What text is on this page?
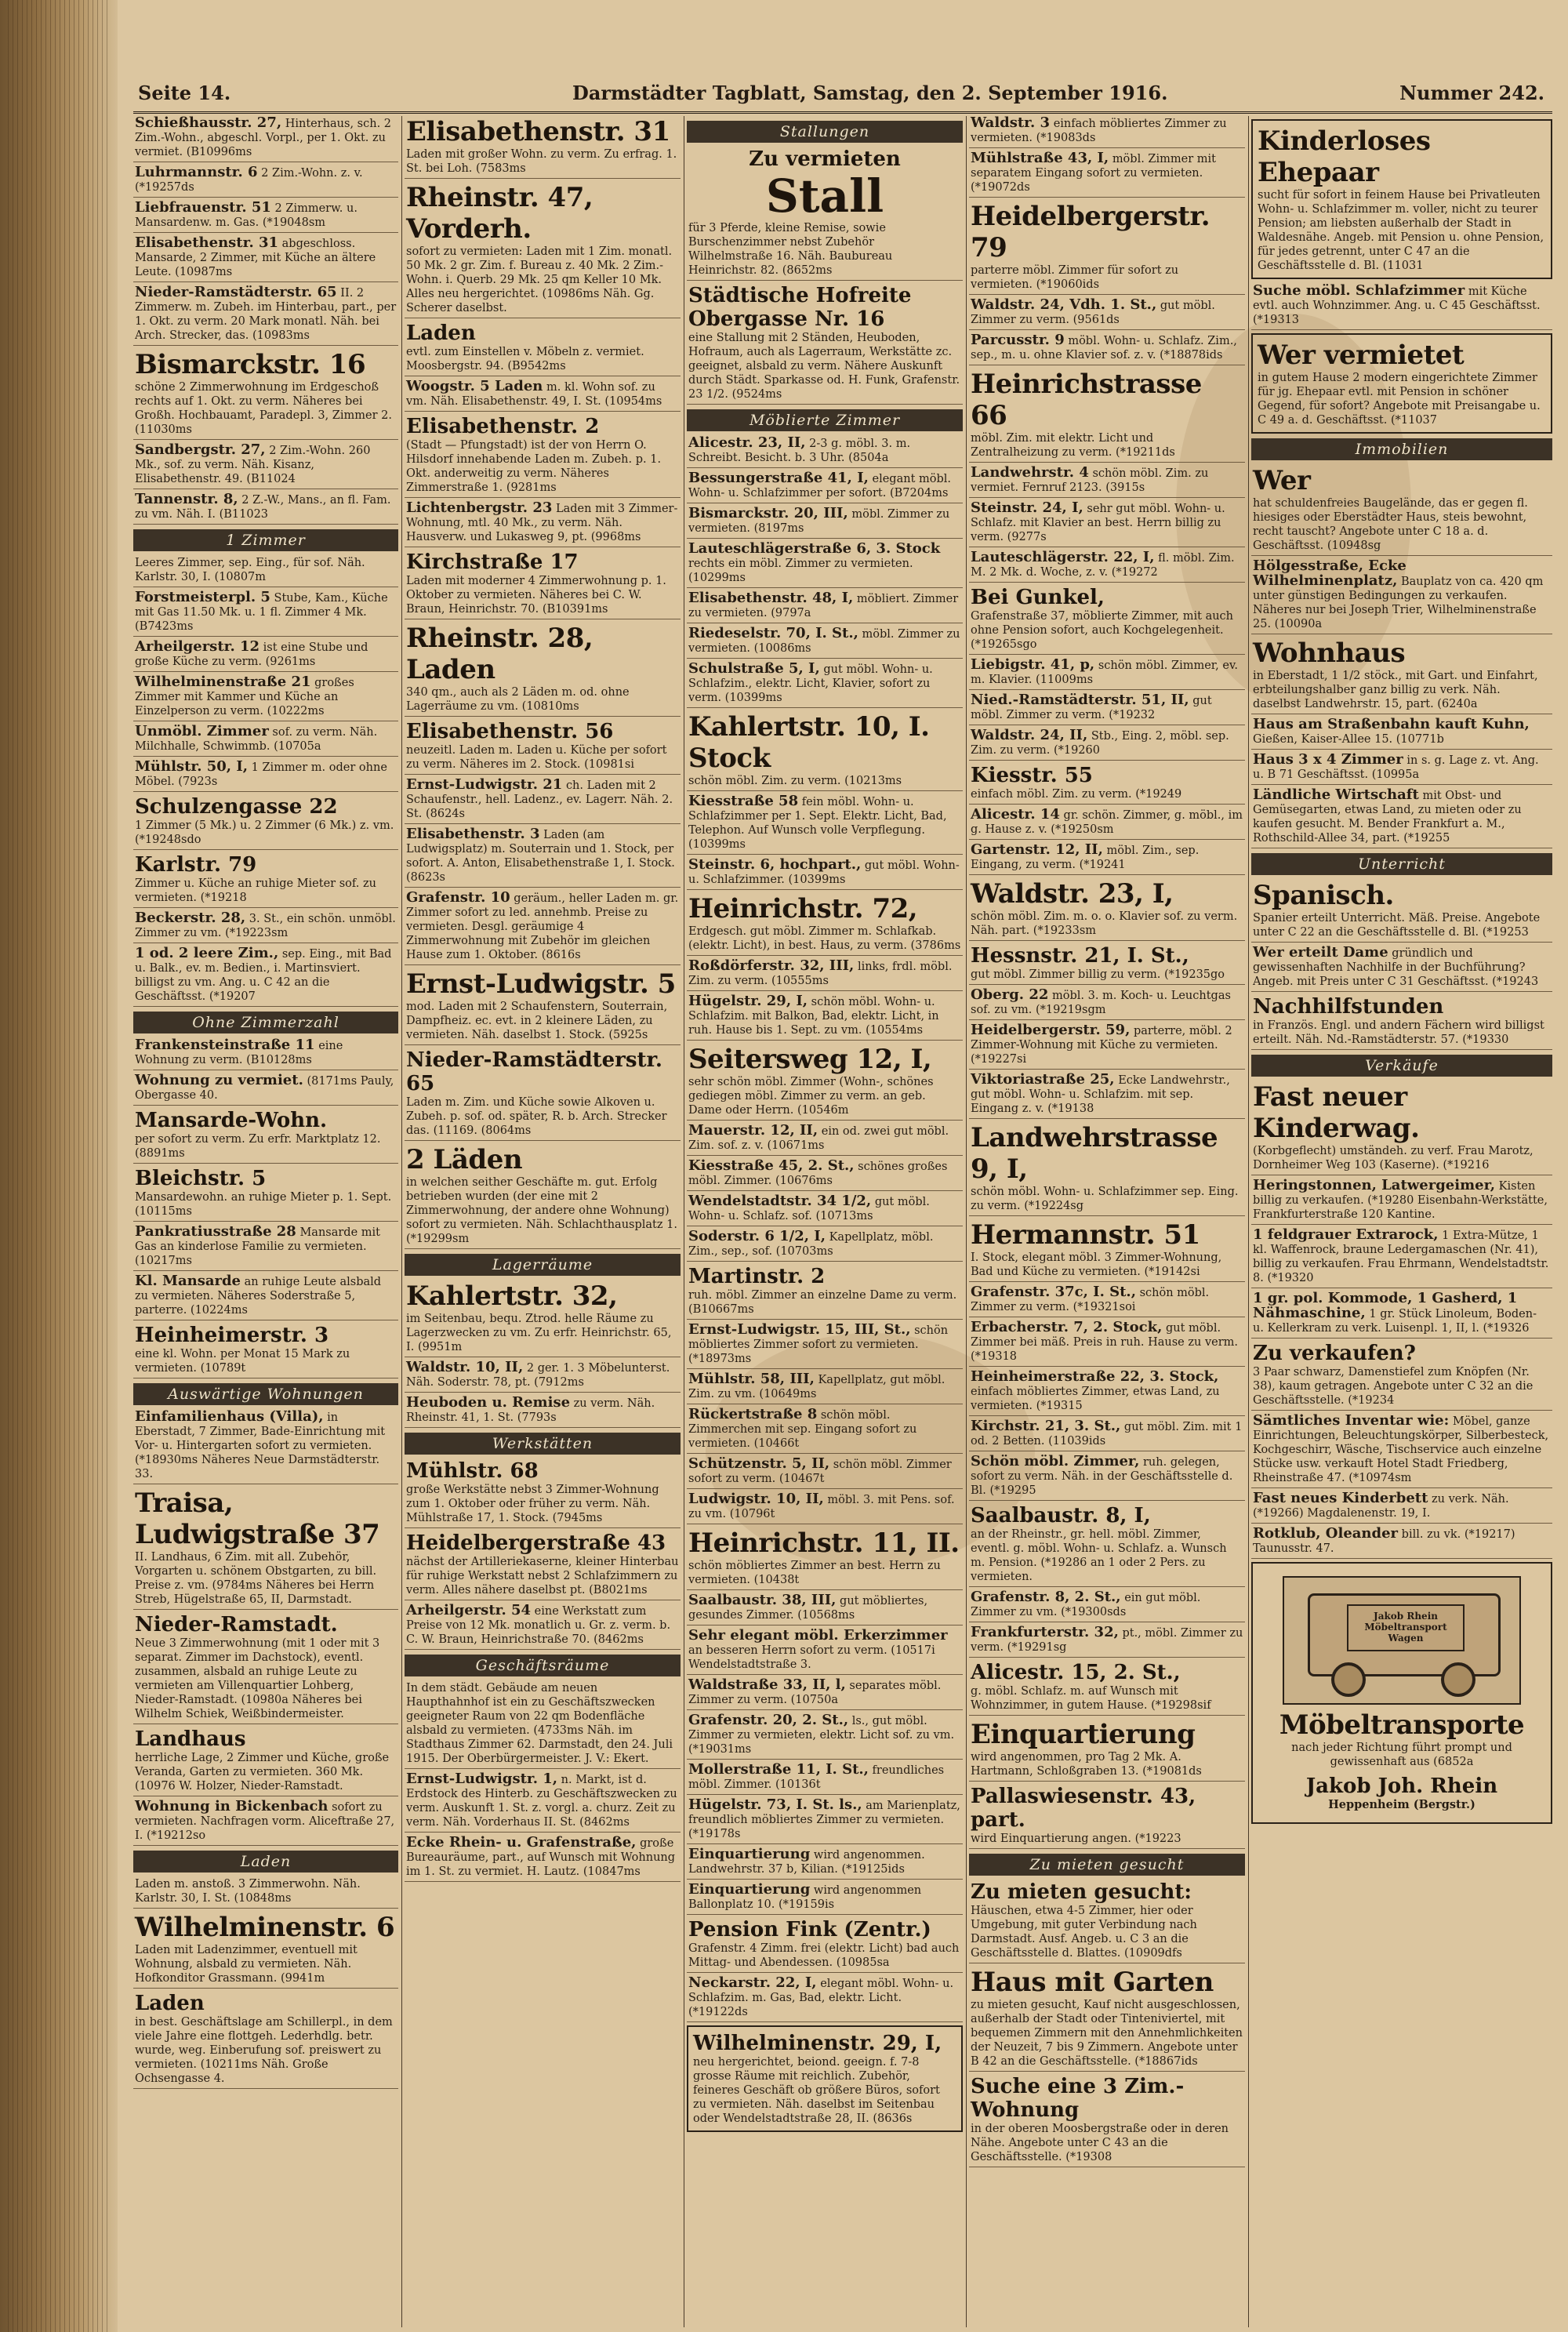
Seite 14.	Darmstädter Tagblatt, Samstag, den 2. September 1916.	Nummer 242.
Schießhausstr. 27, Hinterhaus, sch. 2 Zim.-Wohn., abgeschl. Vorpl., per 1. Okt. zu vermiet. (B10996ms
Luhrmannstr. 6 2 Zim.-Wohn. z. v. (*19257ds
Liebfrauenstr. 51 2 Zimmerw. u. Mansardenw. m. Gas. (*19048sm
Elisabethenstr. 31 abgeschloss. Mansarde, 2 Zimmer, mit Küche an ältere Leute. (10987ms
Nieder-Ramstädterstr. 65 II. 2 Zimmerw. m. Zubeh. im Hinterbau, part., per 1. Okt. zu verm. 20 Mark monatl. Näh. bei Arch. Strecker, das. (10983ms
Bismarckstr. 16
schöne 2 Zimmerwohnung im Erdgeschoß rechts auf 1. Okt. zu verm. Näheres bei Großh. Hochbauamt, Paradepl. 3, Zimmer 2. (11030ms
Sandbergstr. 27, 2 Zim.-Wohn. 260 Mk., sof. zu verm. Näh. Kisanz, Elisabethenstr. 49. (B11024
Tannenstr. 8, 2 Z.-W., Mans., an fl. Fam. zu vm. Näh. I. (B11023
1 Zimmer
Leeres Zimmer, sep. Eing., für sof. Näh. Karlstr. 30, I. (10807m
Forstmeisterpl. 5 Stube, Kam., Küche mit Gas 11.50 Mk. u. 1 fl. Zimmer 4 Mk. (B7423ms
Arheilgerstr. 12 ist eine Stube und große Küche zu verm. (9261ms
Wilhelminenstraße 21 großes Zimmer mit Kammer und Küche an Einzelperson zu verm. (10222ms
Unmöbl. Zimmer sof. zu verm. Näh. Milchhalle, Schwimmb. (10705a
Mühlstr. 50, I, 1 Zimmer m. oder ohne Möbel. (7923s
Schulzengasse 22
1 Zimmer (5 Mk.) u. 2 Zimmer (6 Mk.) z. vm. (*19248sdo
Karlstr. 79
Zimmer u. Küche an ruhige Mieter sof. zu vermieten. (*19218
Beckerstr. 28, 3. St., ein schön. unmöbl. Zimmer zu vm. (*19223sm
1 od. 2 leere Zim., sep. Eing., mit Bad u. Balk., ev. m. Bedien., i. Martinsviert. billigst zu vm. Ang. u. C 42 an die Geschäftsst. (*19207
Ohne Zimmerzahl
Frankensteinstraße 11 eine Wohnung zu verm. (B10128ms
Wohnung zu vermiet. (8171ms Pauly, Obergasse 40.
Mansarde-Wohn.
per sofort zu verm. Zu erfr. Marktplatz 12. (8891ms
Bleichstr. 5
Mansardewohn. an ruhige Mieter p. 1. Sept. (10115ms
Pankratiusstraße 28 Mansarde mit Gas an kinderlose Familie zu vermieten. (10217ms
Kl. Mansarde an ruhige Leute alsbald zu vermieten. Näheres Soderstraße 5, parterre. (10224ms
Heinheimerstr. 3
eine kl. Wohn. per Monat 15 Mark zu vermieten. (10789t
Auswärtige Wohnungen
Einfamilienhaus (Villa), in Eberstadt, 7 Zimmer, Bade-Einrichtung mit Vor- u. Hintergarten sofort zu vermieten. (*18930ms Näheres Neue Darmstädterstr. 33.
Traisa, Ludwigstraße 37
II. Landhaus, 6 Zim. mit all. Zubehör, Vorgarten u. schönem Obstgarten, zu bill. Preise z. vm. (9784ms Näheres bei Herrn Streb, Hügelstraße 65, II, Darmstadt.
Nieder-Ramstadt.
Neue 3 Zimmerwohnung (mit 1 oder mit 3 separat. Zimmer im Dachstock), eventl. zusammen, alsbald an ruhige Leute zu vermieten am Villenquartier Lohberg, Nieder-Ramstadt. (10980a Näheres bei Wilhelm Schiek, Weißbindermeister.
Landhaus
herrliche Lage, 2 Zimmer und Küche, große Veranda, Garten zu vermieten. 360 Mk. (10976 W. Holzer, Nieder-Ramstadt.
Wohnung in Bickenbach sofort zu vermieten. Nachfragen vorm. Aliceftraße 27, I. (*19212so
Laden
Laden m. anstoß. 3 Zimmerwohn. Näh. Karlstr. 30, I. St. (10848ms
Wilhelminenstr. 6
Laden mit Ladenzimmer, eventuell mit Wohnung, alsbald zu vermieten. Näh. Hofkonditor Grassmann. (9941m
Laden
in best. Geschäftslage am Schillerpl., in dem viele Jahre eine flottgeh. Lederhdlg. betr. wurde, weg. Einberufung sof. preiswert zu vermieten. (10211ms Näh. Große Ochsengasse 4.
Elisabethenstr. 31
Laden mit großer Wohn. zu verm. Zu erfrag. 1. St. bei Loh. (7583ms
Rheinstr. 47, Vorderh.
sofort zu vermieten: Laden mit 1 Zim. monatl. 50 Mk. 2 gr. Zim. f. Bureau z. 40 Mk. 2 Zim.-Wohn. i. Querb. 29 Mk. 25 qm Keller 10 Mk. Alles neu hergerichtet. (10986ms Näh. Gg. Scherer daselbst.
Laden
evtl. zum Einstellen v. Möbeln z. vermiet. Moosbergstr. 94. (B9542ms
Woogstr. 5 Laden m. kl. Wohn sof. zu vm. Näh. Elisabethenstr. 49, I. St. (10954ms
Elisabethenstr. 2
(Stadt — Pfungstadt) ist der von Herrn O. Hilsdorf innehabende Laden m. Zubeh. p. 1. Okt. anderweitig zu verm. Näheres Zimmerstraße 1. (9281ms
Lichtenbergstr. 23 Laden mit 3 Zimmer-Wohnung, mtl. 40 Mk., zu verm. Näh. Hausverw. und Lukasweg 9, pt. (9968ms
Kirchstraße 17
Laden mit moderner 4 Zimmerwohnung p. 1. Oktober zu vermieten. Näheres bei C. W. Braun, Heinrichstr. 70. (B10391ms
Rheinstr. 28, Laden
340 qm., auch als 2 Läden m. od. ohne Lagerräume zu vm. (10810ms
Elisabethenstr. 56
neuzeitl. Laden m. Laden u. Küche per sofort zu verm. Näheres im 2. Stock. (10981si
Ernst-Ludwigstr. 21 ch. Laden mit 2 Schaufenstr., hell. Ladenz., ev. Lagerr. Näh. 2. St. (8624s
Elisabethenstr. 3 Laden (am Ludwigsplatz) m. Souterrain und 1. Stock, per sofort. A. Anton, Elisabethenstraße 1, I. Stock. (8623s
Grafenstr. 10 geräum., heller Laden m. gr. Zimmer sofort zu led. annehmb. Preise zu vermieten. Desgl. geräumige 4 Zimmerwohnung mit Zubehör im gleichen Hause zum 1. Oktober. (8616s
Ernst-Ludwigstr. 5
mod. Laden mit 2 Schaufenstern, Souterrain, Dampfheiz. ec. evt. in 2 kleinere Läden, zu vermieten. Näh. daselbst 1. Stock. (5925s
Nieder-Ramstädterstr. 65
Laden m. Zim. und Küche sowie Alkoven u. Zubeh. p. sof. od. später, R. b. Arch. Strecker das. (11169. (8064ms
2 Läden
in welchen seither Geschäfte m. gut. Erfolg betrieben wurden (der eine mit 2 Zimmerwohnung, der andere ohne Wohnung) sofort zu vermieten. Näh. Schlachthausplatz 1. (*19299sm
Lagerräume
Kahlertstr. 32,
im Seitenbau, bequ. Ztrod. helle Räume zu Lagerzwecken zu vm. Zu erfr. Heinrichstr. 65, I. (9951m
Waldstr. 10, II, 2 ger. 1. 3 Möbelunterst. Näh. Soderstr. 78, pt. (7912ms
Heuboden u. Remise zu verm. Näh. Rheinstr. 41, 1. St. (7793s
Werkstätten
Mühlstr. 68
große Werkstätte nebst 3 Zimmer-Wohnung zum 1. Oktober oder früher zu verm. Näh. Mühlstraße 17, 1. Stock. (7945ms
Heidelbergerstraße 43
nächst der Artilleriekaserne, kleiner Hinterbau für ruhige Werkstatt nebst 2 Schlafzimmern zu verm. Alles nähere daselbst pt. (B8021ms
Arheilgerstr. 54 eine Werkstatt zum Preise von 12 Mk. monatlich u. Gr. z. verm. b. C. W. Braun, Heinrichstraße 70. (8462ms
Geschäftsräume
In dem städt. Gebäude am neuen Haupthahnhof ist ein zu Geschäftszwecken geeigneter Raum von 22 qm Bodenfläche alsbald zu vermieten. (4733ms Näh. im Stadthaus Zimmer 62. Darmstadt, den 24. Juli 1915. Der Oberbürgermeister. J. V.: Ekert.
Ernst-Ludwigstr. 1, n. Markt, ist d. Erdstock des Hinterb. zu Geschäftszwecken zu verm. Auskunft 1. St. z. vorgl. a. churz. Zeit zu verm. Näh. Vorderhaus II. St. (8462ms
Ecke Rhein- u. Grafenstraße, große Bureauräume, part., auf Wunsch mit Wohnung im 1. St. zu vermiet. H. Lautz. (10847ms
Stallungen
Zu vermieten
Stall
für 3 Pferde, kleine Remise, sowie Burschenzimmer nebst Zubehör Wilhelmstraße 16. Näh. Baubureau Heinrichstr. 82. (8652ms
Städtische Hofreite Obergasse Nr. 16
eine Stallung mit 2 Ständen, Heuboden, Hofraum, auch als Lagerraum, Werkstätte zc. geeignet, alsbald zu verm. Nähere Auskunft durch Städt. Sparkasse od. H. Funk, Grafenstr. 23 1/2. (9524ms
Möblierte Zimmer
Alicestr. 23, II, 2-3 g. möbl. 3. m. Schreibt. Besicht. b. 3 Uhr. (8504a
Bessungerstraße 41, I, elegant möbl. Wohn- u. Schlafzimmer per sofort. (B7204ms
Bismarckstr. 20, III, möbl. Zimmer zu vermieten. (8197ms
Lauteschlägerstraße 6, 3. Stock rechts ein möbl. Zimmer zu vermieten. (10299ms
Elisabethenstr. 48, I, möbliert. Zimmer zu vermieten. (9797a
Riedeselstr. 70, I. St., möbl. Zimmer zu vermieten. (10086ms
Schulstraße 5, I, gut möbl. Wohn- u. Schlafzim., elektr. Licht, Klavier, sofort zu verm. (10399ms
Kahlertstr. 10, I. Stock
schön möbl. Zim. zu verm. (10213ms
Kiesstraße 58 fein möbl. Wohn- u. Schlafzimmer per 1. Sept. Elektr. Licht, Bad, Telephon. Auf Wunsch volle Verpflegung. (10399ms
Steinstr. 6, hochpart., gut möbl. Wohn- u. Schlafzimmer. (10399ms
Heinrichstr. 72,
Erdgesch. gut möbl. Zimmer m. Schlafkab. (elektr. Licht), in best. Haus, zu verm. (3786ms
Roßdörferstr. 32, III, links, frdl. möbl. Zim. zu verm. (10555ms
Hügelstr. 29, I, schön möbl. Wohn- u. Schlafzim. mit Balkon, Bad, elektr. Licht, in ruh. Hause bis 1. Sept. zu vm. (10554ms
Seitersweg 12, I,
sehr schön möbl. Zimmer (Wohn-, schönes gediegen möbl. Zimmer zu verm. an geb. Dame oder Herrn. (10546m
Mauerstr. 12, II, ein od. zwei gut möbl. Zim. sof. z. v. (10671ms
Kiesstraße 45, 2. St., schönes großes möbl. Zimmer. (10676ms
Wendelstadtstr. 34 1/2, gut möbl. Wohn- u. Schlafz. sof. (10713ms
Soderstr. 6 1/2, I, Kapellplatz, möbl. Zim., sep., sof. (10703ms
Martinstr. 2
ruh. möbl. Zimmer an einzelne Dame zu verm. (B10667ms
Ernst-Ludwigstr. 15, III, St., schön möbliertes Zimmer sofort zu vermieten. (*18973ms
Mühlstr. 58, III, Kapellplatz, gut möbl. Zim. zu vm. (10649ms
Rückertstraße 8 schön möbl. Zimmerchen mit sep. Eingang sofort zu vermieten. (10466t
Schützenstr. 5, II, schön möbl. Zimmer sofort zu verm. (10467t
Ludwigstr. 10, II, möbl. 3. mit Pens. sof. zu vm. (10796t
Heinrichstr. 11, II.
schön möbliertes Zimmer an best. Herrn zu vermieten. (10438t
Saalbaustr. 38, III, gut möbliertes, gesundes Zimmer. (10568ms
Sehr elegant möbl. Erkerzimmer an besseren Herrn sofort zu verm. (10517i Wendelstadtstraße 3.
Waldstraße 33, II, l, separates möbl. Zimmer zu verm. (10750a
Grafenstr. 20, 2. St., ls., gut möbl. Zimmer zu vermieten, elektr. Licht sof. zu vm. (*19031ms
Mollerstraße 11, I. St., freundliches möbl. Zimmer. (10136t
Hügelstr. 73, I. St. ls., am Marienplatz, freundlich möbliertes Zimmer zu vermieten. (*19178s
Einquartierung wird angenommen. Landwehrstr. 37 b, Kilian. (*19125ids
Einquartierung wird angenommen Ballonplatz 10. (*19159is
Pension Fink (Zentr.)
Grafenstr. 4 Zimm. frei (elektr. Licht) bad auch Mittag- und Abendessen. (10985sa
Neckarstr. 22, I, elegant möbl. Wohn- u. Schlafzim. m. Gas, Bad, elektr. Licht. (*19122ds
Wilhelminenstr. 29, I,
neu hergerichtet, beiond. geeign. f. 7-8 grosse Räume mit reichlich. Zubehör, feineres Geschäft ob größere Büros, sofort zu vermieten. Näh. daselbst im Seitenbau oder Wendelstadtstraße 28, II. (8636s
Waldstr. 3 einfach möbliertes Zimmer zu vermieten. (*19083ds
Mühlstraße 43, I, möbl. Zimmer mit separatem Eingang sofort zu vermieten. (*19072ds
Heidelbergerstr. 79
parterre möbl. Zimmer für sofort zu vermieten. (*19060ids
Waldstr. 24, Vdh. 1. St., gut möbl. Zimmer zu verm. (9561ds
Parcusstr. 9 möbl. Wohn- u. Schlafz. Zim., sep., m. u. ohne Klavier sof. z. v. (*18878ids
Heinrichstrasse 66
möbl. Zim. mit elektr. Licht und Zentralheizung zu verm. (*19211ds
Landwehrstr. 4 schön möbl. Zim. zu vermiet. Fernruf 2123. (3915s
Steinstr. 24, I, sehr gut möbl. Wohn- u. Schlafz. mit Klavier an best. Herrn billig zu verm. (9277s
Lauteschlägerstr. 22, I, fl. möbl. Zim. M. 2 Mk. d. Woche, z. v. (*19272
Bei Gunkel,
Grafenstraße 37, möblierte Zimmer, mit auch ohne Pension sofort, auch Kochgelegenheit. (*19265sgo
Liebigstr. 41, p, schön möbl. Zimmer, ev. m. Klavier. (11009ms
Nied.-Ramstädterstr. 51, II, gut möbl. Zimmer zu verm. (*19232
Waldstr. 24, II, Stb., Eing. 2, möbl. sep. Zim. zu verm. (*19260
Kiesstr. 55
einfach möbl. Zim. zu verm. (*19249
Alicestr. 14 gr. schön. Zimmer, g. möbl., im g. Hause z. v. (*19250sm
Gartenstr. 12, II, möbl. Zim., sep. Eingang, zu verm. (*19241
Waldstr. 23, I,
schön möbl. Zim. m. o. o. Klavier sof. zu verm. Näh. part. (*19233sm
Hessnstr. 21, I. St.,
gut möbl. Zimmer billig zu verm. (*19235go
Oberg. 22 möbl. 3. m. Koch- u. Leuchtgas sof. zu vm. (*19219sgm
Heidelbergerstr. 59, parterre, möbl. 2 Zimmer-Wohnung mit Küche zu vermieten. (*19227si
Viktoriastraße 25, Ecke Landwehrstr., gut möbl. Wohn- u. Schlafzim. mit sep. Eingang z. v. (*19138
Landwehrstrasse 9, I,
schön möbl. Wohn- u. Schlafzimmer sep. Eing. zu verm. (*19224sg
Hermannstr. 51
I. Stock, elegant möbl. 3 Zimmer-Wohnung, Bad und Küche zu vermieten. (*19142si
Grafenstr. 37c, I. St., schön möbl. Zimmer zu verm. (*19321soi
Erbacherstr. 7, 2. Stock, gut möbl. Zimmer bei mäß. Preis in ruh. Hause zu verm. (*19318
Heinheimerstraße 22, 3. Stock, einfach möbliertes Zimmer, etwas Land, zu vermieten. (*19315
Kirchstr. 21, 3. St., gut möbl. Zim. mit 1 od. 2 Betten. (11039ids
Schön möbl. Zimmer, ruh. gelegen, sofort zu verm. Näh. in der Geschäftsstelle d. Bl. (*19295
Saalbaustr. 8, I,
an der Rheinstr., gr. hell. möbl. Zimmer, eventl. g. möbl. Wohn- u. Schlafz. a. Wunsch m. Pension. (*19286 an 1 oder 2 Pers. zu vermieten.
Grafenstr. 8, 2. St., ein gut möbl. Zimmer zu vm. (*19300sds
Frankfurterstr. 32, pt., möbl. Zimmer zu verm. (*19291sg
Alicestr. 15, 2. St.,
g. möbl. Schlafz. m. auf Wunsch mit Wohnzimmer, in gutem Hause. (*19298sif
Einquartierung
wird angenommen, pro Tag 2 Mk. A. Hartmann, Schloßgraben 13. (*19081ds
Pallaswiesenstr. 43, part.
wird Einquartierung angen. (*19223
Zu mieten gesucht
Zu mieten gesucht:
Häuschen, etwa 4-5 Zimmer, hier oder Umgebung, mit guter Verbindung nach Darmstadt. Ausf. Angeb. u. C 3 an die Geschäftsstelle d. Blattes. (10909dfs
Haus mit Garten
zu mieten gesucht, Kauf nicht ausgeschlossen, außerhalb der Stadt oder Tinteniviertel, mit bequemen Zimmern mit den Annehmlichkeiten der Neuzeit, 7 bis 9 Zimmern. Angebote unter B 42 an die Geschäftsstelle. (*18867ids
Suche eine 3 Zim.-Wohnung
in der oberen Moosbergstraße oder in deren Nähe. Angebote unter C 43 an die Geschäftsstelle. (*19308
Kinderloses Ehepaar
sucht für sofort in feinem Hause bei Privatleuten Wohn- u. Schlafzimmer m. voller, nicht zu teurer Pension; am liebsten außerhalb der Stadt in Waldesnähe. Angeb. mit Pension u. ohne Pension, für jedes getrennt, unter C 47 an die Geschäftsstelle d. Bl. (11031
Suche möbl. Schlafzimmer mit Küche evtl. auch Wohnzimmer. Ang. u. C 45 Geschäftsst. (*19313
Wer vermietet
in gutem Hause 2 modern eingerichtete Zimmer für jg. Ehepaar evtl. mit Pension in schöner Gegend, für sofort? Angebote mit Preisangabe u. C 49 a. d. Geschäftsst. (*11037
Immobilien
Wer
hat schuldenfreies Baugelände, das er gegen fl. hiesiges oder Eberstädter Haus, steis bewohnt, recht tauscht? Angebote unter C 18 a. d. Geschäftsst. (10948sg
Hölgesstraße, Ecke Wilhelminenplatz, Bauplatz von ca. 420 qm unter günstigen Bedingungen zu verkaufen. Näheres nur bei Joseph Trier, Wilhelminenstraße 25. (10090a
Wohnhaus
in Eberstadt, 1 1/2 stöck., mit Gart. und Einfahrt, erbteilungshalber ganz billig zu verk. Näh. daselbst Landwehrstr. 15, part. (6240a
Haus am Straßenbahn kauft Kuhn, Gießen, Kaiser-Allee 15. (10771b
Haus 3 x 4 Zimmer in s. g. Lage z. vt. Ang. u. B 71 Geschäftsst. (10995a
Ländliche Wirtschaft mit Obst- und Gemüsegarten, etwas Land, zu mieten oder zu kaufen gesucht. M. Bender Frankfurt a. M., Rothschild-Allee 34, part. (*19255
Unterricht
Spanisch.
Spanier erteilt Unterricht. Mäß. Preise. Angebote unter C 22 an die Geschäftsstelle d. Bl. (*19253
Wer erteilt Dame gründlich und gewissenhaften Nachhilfe in der Buchführung? Angeb. mit Preis unter C 31 Geschäftsst. (*19243
Nachhilfstunden
in Französ. Engl. und andern Fächern wird billigst erteilt. Näh. Nd.-Ramstädterstr. 57. (*19330
Verkäufe
Fast neuer Kinderwag.
(Korbgeflecht) umständeh. zu verf. Frau Marotz, Dornheimer Weg 103 (Kaserne). (*19216
Heringstonnen, Latwergeimer, Kisten billig zu verkaufen. (*19280 Eisenbahn-Werkstätte, Frankfurterstraße 120 Kantine.
1 feldgrauer Extrarock, 1 Extra-Mütze, 1 kl. Waffenrock, braune Ledergamaschen (Nr. 41), billig zu verkaufen. Frau Ehrmann, Wendelstadtstr. 8. (*19320
1 gr. pol. Kommode, 1 Gasherd, 1 Nähmaschine, 1 gr. Stück Linoleum, Boden- u. Kellerkram zu verk. Luisenpl. 1, II, l. (*19326
Zu verkaufen?
3 Paar schwarz, Damenstiefel zum Knöpfen (Nr. 38), kaum getragen. Angebote unter C 32 an die Geschäftsstelle. (*19234
Sämtliches Inventar wie: Möbel, ganze Einrichtungen, Beleuchtungskörper, Silberbesteck, Kochgeschirr, Wäsche, Tischservice auch einzelne Stücke usw. verkauft Hotel Stadt Friedberg, Rheinstraße 47. (*10974sm
Fast neues Kinderbett zu verk. Näh. (*19266) Magdalenenstr. 19, I.
Rotklub, Oleander bill. zu vk. (*19217) Taunusstr. 47.
Jakob Rhein Möbeltransport Wagen
Möbeltransporte
nach jeder Richtung führt prompt und gewissenhaft aus (6852a
Jakob Joh. Rhein
Heppenheim (Bergstr.)
